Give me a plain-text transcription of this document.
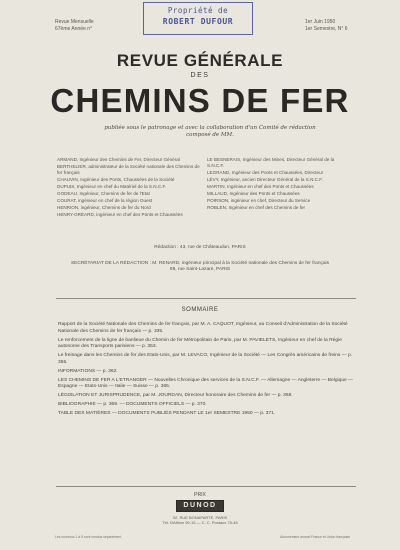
Propriété de
ROBERT DUFOUR
Revue Mensuelle
67ème Année n°
1er Juin 1950
1er Semestre, N° 6
REVUE GÉNÉRALE
DES
CHEMINS DE FER
publiée sous le patronage et avec la collaboration d'un Comité de rédaction
composé de MM.
ARMAND, Ingénieur des Chemins de Fer, Directeur Général
BERTHELIER, administrateur de la Société nationale des Chemins de fer français
CHAUVIN, Ingénieur des Ponts, Chaussées de la Société
DUPUIS, Ingénieur en chef du Matériel de la S.N.C.F.
GODEAU, Ingénieur, Chemins de fer de l'Etat
COURAT, ingénieur en chef de la région Ouest
HENRION, ingénieur, Chemins de fer du Nord
HENRY-GRÉARD, ingénieur en chef des Ponts et Chaussées
LE BESNERAIS, Ingénieur des Mines, Directeur Général de la S.N.C.F.
LEGRAND, Ingénieur des Ponts et Chaussées, Directeur
LÉVY, Ingénieur, ancien Directeur Général de la S.N.C.F.
MARTIN, Ingénieur en chef des Ponts et Chaussées
MILLAUD, Ingénieur des Ponts et Chaussées
POIRSON, ingénieur en chef, Directeur du Service
ROBLEN, Ingénieur en chef des Chemins de fer
Rédaction : 43, rue de Châteaudun, PARIS
SECRÉTARIAT DE LA RÉDACTION : M. RENARD, ingénieur principal à la Société nationale des Chemins de fer français
88, rue Saint-Lazare, PARIS
SOMMAIRE
Rapport de la Société Nationale des Chemins de fer français, par M. A. CAQUOT, Ingénieur, au Conseil d'Administration de la Société Nationale des Chemins de fer français — p. 335.
Le renforcement de la ligne de banlieue du Chemin de fer Métropolitain de Paris, par M. PAVIELETS, Ingénieur en chef de la Régie autonome des Transports parisiens — p. 353.
Le freinage dans les Chemins de fer des Etats-Unis, par M. LEVACO, Ingénieur de la Société — Les Congrès américains de freins — p. 355.
INFORMATIONS — p. 362.
LES CHEMINS DE FER A L'ETRANGER — Nouvelles Chronique des services de la S.N.C.F. — Allemagne — Angleterre — Belgique — Espagne — Etats-Unis — Italie — Suisse — p. 365.
LÉGISLATION ET JURISPRUDENCE, par M. JOURDAN, Directeur honoraire des Chemins de fer — p. 368.
BIBLIOGRAPHIE — p. 369. — DOCUMENTS OFFICIELS — p. 370.
TABLE DES MATIÈRES — DOCUMENTS PUBLIÉS PENDANT LE 1er SEMESTRE 1950 — p. 371.
PRIX
DUNOD
92, RUE BONAPARTE, PARIS
Tél. DANton 99-15 — C. C. Postaux 75-45
Les numéros 1 à 5 sont vendus séparément	Abonnement annuel France et Union française
